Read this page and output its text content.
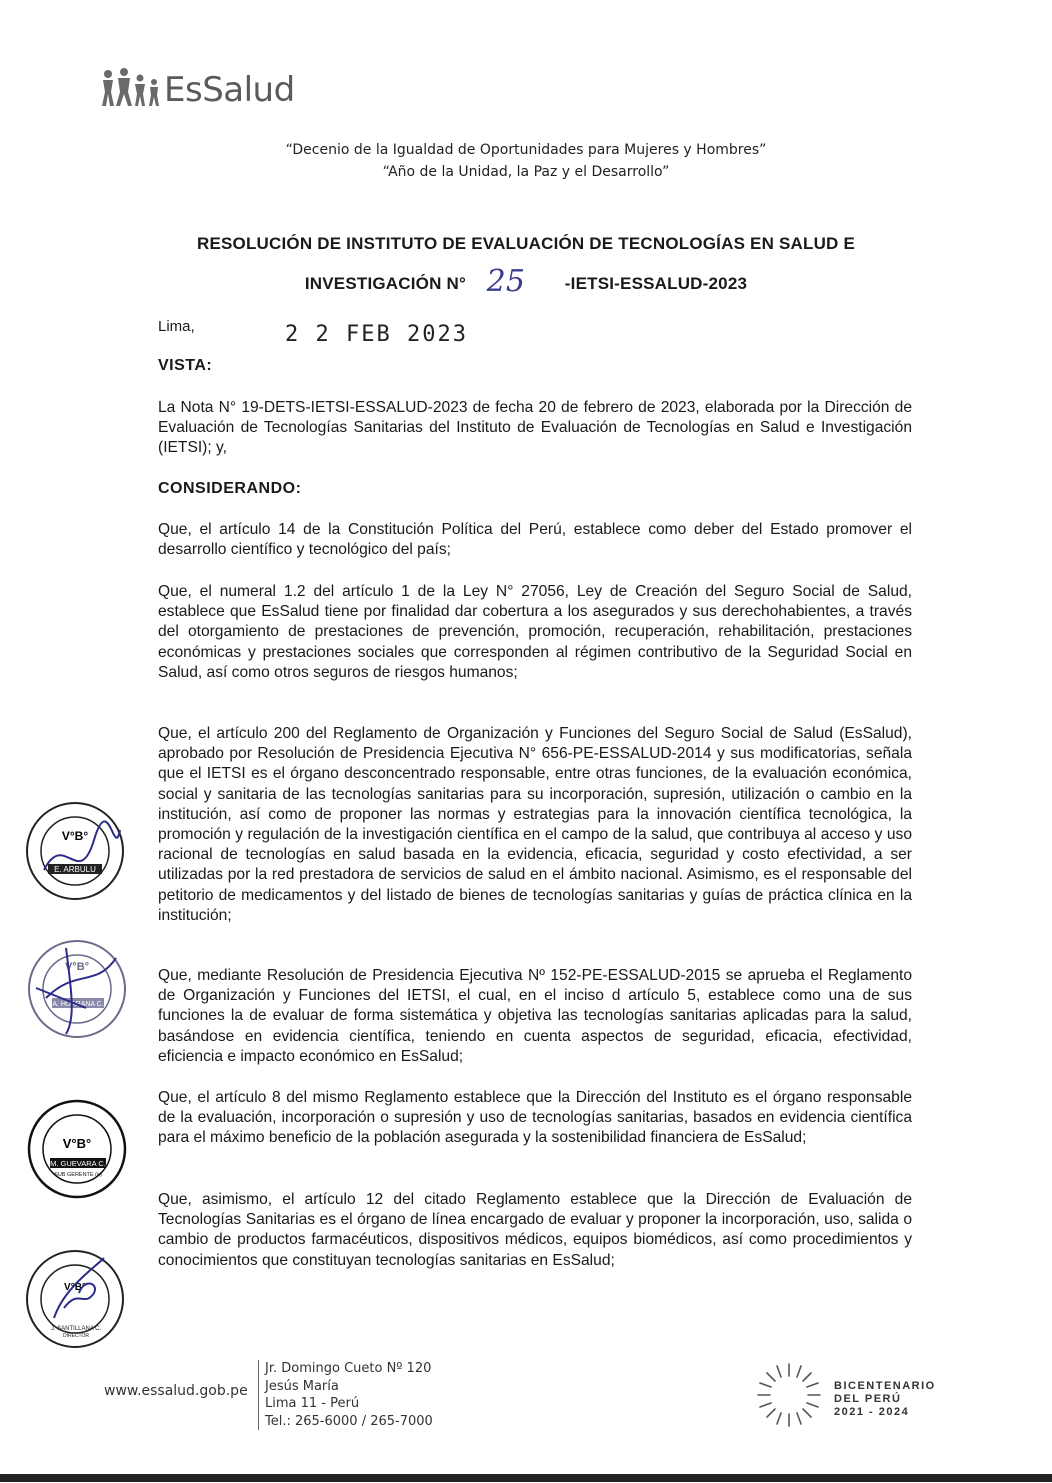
EsSalud
“Decenio de la Igualdad de Oportunidades para Mujeres y Hombres”
“Año de la Unidad, la Paz y el Desarrollo”
RESOLUCIÓN DE INSTITUTO DE EVALUACIÓN DE TECNOLOGÍAS EN SALUD E
INVESTIGACIÓN N° 25 -IETSI-ESSALUD-2023
Lima,	2 2 FEB 2023
VISTA:
La Nota N° 19-DETS-IETSI-ESSALUD-2023 de fecha 20 de febrero de 2023, elaborada por la Dirección de Evaluación de Tecnologías Sanitarias del Instituto de Evaluación de Tecnologías en Salud e Investigación (IETSI); y,
CONSIDERANDO:
Que, el artículo 14 de la Constitución Política del Perú, establece como deber del Estado promover el desarrollo científico y tecnológico del país;
Que, el numeral 1.2 del artículo 1 de la Ley N° 27056, Ley de Creación del Seguro Social de Salud, establece que EsSalud tiene por finalidad dar cobertura a los asegurados y sus derechohabientes, a través del otorgamiento de prestaciones de prevención, promoción, recuperación, rehabilitación, prestaciones económicas y prestaciones sociales que corresponden al régimen contributivo de la Seguridad Social en Salud, así como otros seguros de riesgos humanos;
Que, el artículo 200 del Reglamento de Organización y Funciones del Seguro Social de Salud (EsSalud), aprobado por Resolución de Presidencia Ejecutiva N° 656-PE-ESSALUD-2014 y sus modificatorias, señala que el IETSI es el órgano desconcentrado responsable, entre otras funciones, de la evaluación económica, social y sanitaria de las tecnologías sanitarias para su incorporación, supresión, utilización o cambio en la institución, así como de proponer las normas y estrategias para la innovación científica tecnológica, la promoción y regulación de la investigación científica en el campo de la salud, que contribuya al acceso y uso racional de tecnologías en salud basada en la evidencia, eficacia, seguridad y costo efectividad, a ser utilizadas por la red prestadora de servicios de salud en el ámbito nacional. Asimismo, es el responsable del petitorio de medicamentos y del listado de bienes de tecnologías sanitarias y guías de práctica clínica en la institución;
Que, mediante Resolución de Presidencia Ejecutiva Nº 152-PE-ESSALUD-2015 se aprueba el Reglamento de Organización y Funciones del IETSI, el cual, en el inciso d artículo 5, establece como una de sus funciones la de evaluar de forma sistemática y objetiva las tecnologías sanitarias aplicadas para la salud, basándose en evidencia científica, teniendo en cuenta aspectos de seguridad, eficacia, efectividad, eficiencia e impacto económico en EsSalud;
Que, el artículo 8 del mismo Reglamento establece que la Dirección del Instituto es el órgano responsable de la evaluación, incorporación o supresión y uso de tecnologías sanitarias, basados en evidencia científica para el máximo beneficio de la población asegurada y la sostenibilidad financiera de EsSalud;
Que, asimismo, el artículo 12 del citado Reglamento establece que la Dirección de Evaluación de Tecnologías Sanitarias es el órgano de línea encargado de evaluar y proponer la incorporación, uso, salida o cambio de productos farmacéuticos, dispositivos médicos, equipos biomédicos, así como procedimientos y conocimientos que constituyan tecnologías sanitarias en EsSalud;
V°B°
E. ARBULU
V°B°
A. HUARANA C.
V°B°
M. GUEVARA C.
SUB GERENTE (e)
V°B°
J. SANTILLANA C.
DIRECTOR
www.essalud.gob.pe
Jr. Domingo Cueto Nº 120
Jesús María
Lima 11 - Perú
Tel.: 265-6000 / 265-7000
BICENTENARIO
DEL PERÚ
2021 - 2024
